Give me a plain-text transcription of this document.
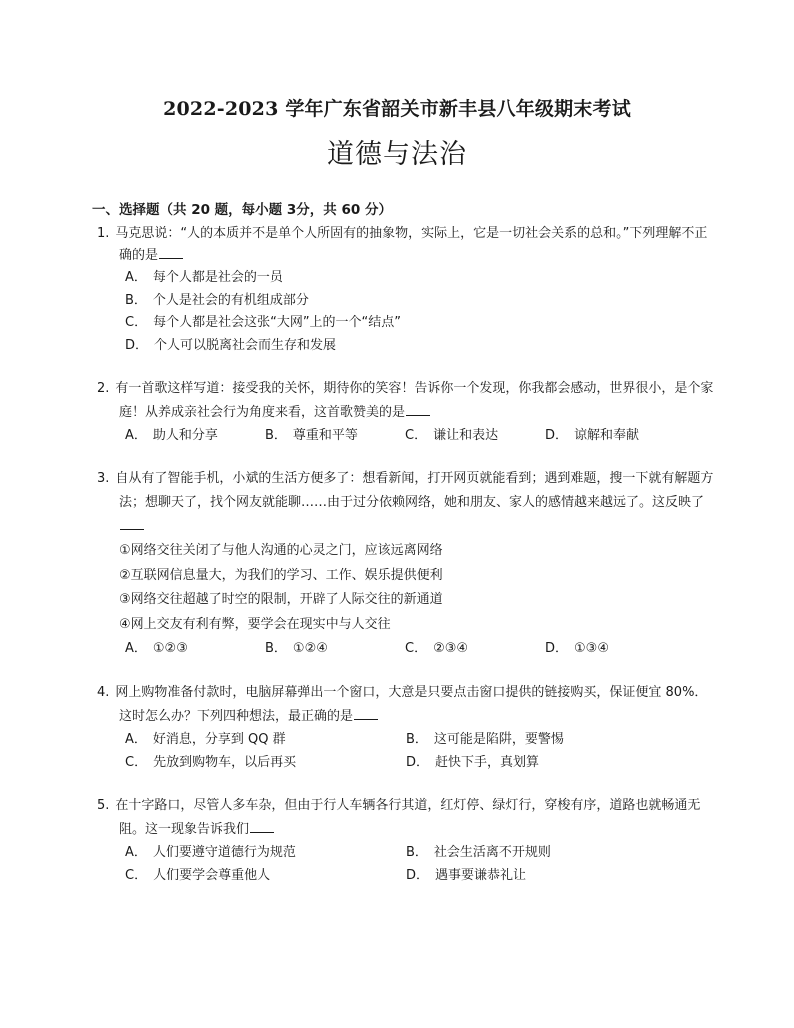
2022-2023 学年广东省韶关市新丰县八年级期末考试
道德与法治
一、选择题（共 20 题，每小题 3分，共 60 分）
1. 马克思说：“人的本质并不是单个人所固有的抽象物，实际上，它是一切社会关系的总和。”下列理解不正确的是
A． 每个人都是社会的一员
B． 个人是社会的有机组成部分
C． 每个人都是社会这张“大网”上的一个“结点”
D． 个人可以脱离社会而生存和发展
2. 有一首歌这样写道：接受我的关怀，期待你的笑容！告诉你一个发现，你我都会感动，世界很小，是个家庭！从养成亲社会行为角度来看，这首歌赞美的是
A． 助人和分享	B． 尊重和平等	C． 谦让和表达	D． 谅解和奉献
3. 自从有了智能手机，小斌的生活方便多了：想看新闻，打开网页就能看到；遇到难题，搜一下就有解题方法；想聊天了，找个网友就能聊……由于过分依赖网络，她和朋友、家人的感情越来越远了。这反映了
①网络交往关闭了与他人沟通的心灵之门，应该远离网络
②互联网信息量大，为我们的学习、工作、娱乐提供便利
③网络交往超越了时空的限制，开辟了人际交往的新通道
④网上交友有利有弊，要学会在现实中与人交往
A． ①②③	B． ①②④	C． ②③④	D． ①③④
4. 网上购物准备付款时，电脑屏幕弹出一个窗口，大意是只要点击窗口提供的链接购买，保证便宜 80%．这时怎么办？下列四种想法，最正确的是
A． 好消息，分享到 QQ 群	B． 这可能是陷阱，要警惕
C． 先放到购物车，以后再买	D． 赶快下手，真划算
5. 在十字路口，尽管人多车杂，但由于行人车辆各行其道，红灯停、绿灯行，穿梭有序，道路也就畅通无阻。这一现象告诉我们
A． 人们要遵守道德行为规范	B． 社会生活离不开规则
C． 人们要学会尊重他人	D． 遇事要谦恭礼让
